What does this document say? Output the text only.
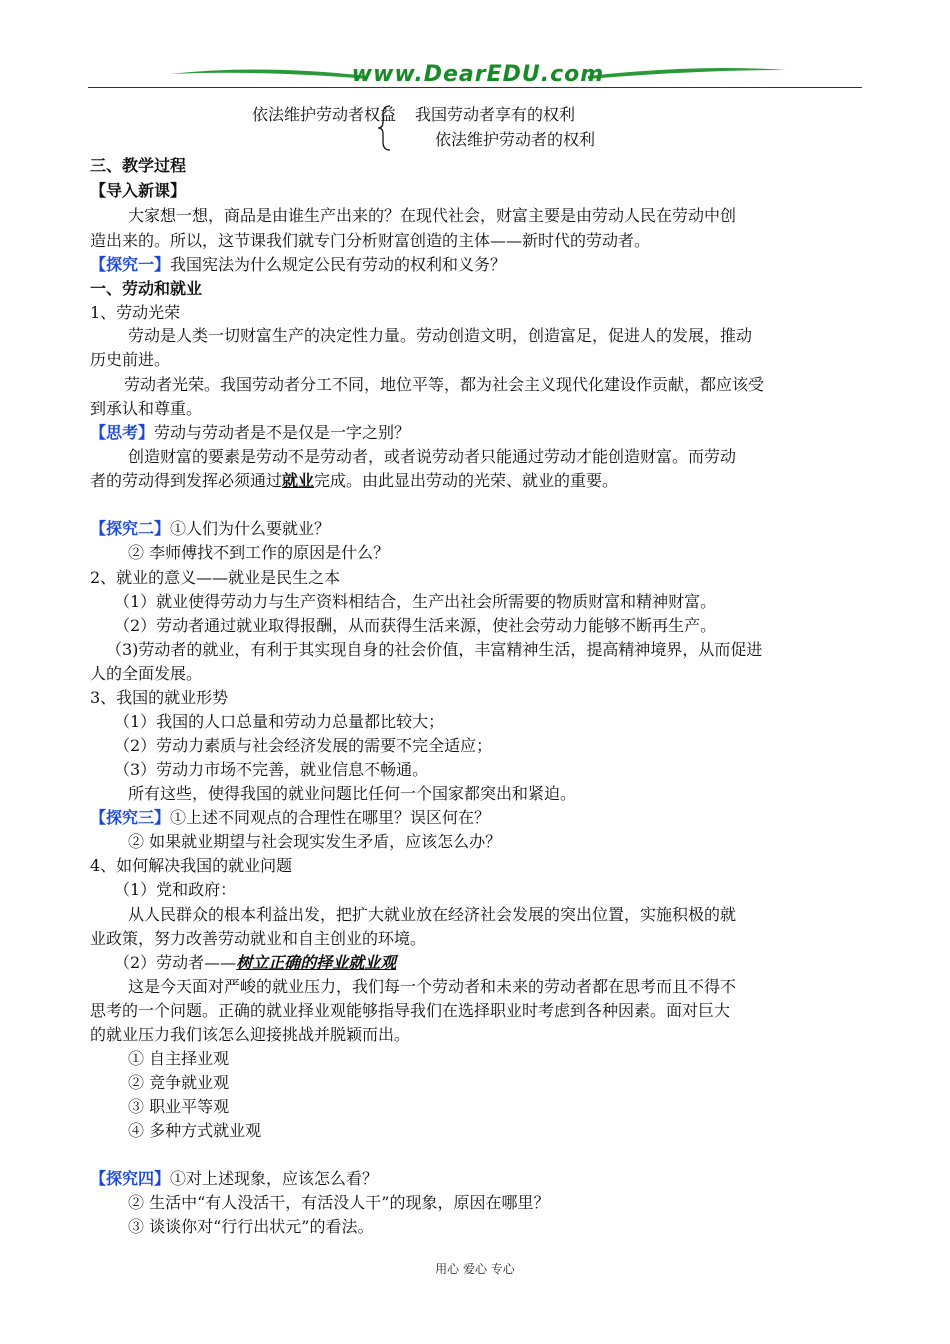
www.DearEDU.com
依法维护劳动者权益 我国劳动者享有的权利
依法维护劳动者的权利
三、教学过程
【导入新课】
大家想一想，商品是由谁生产出来的？在现代社会，财富主要是由劳动人民在劳动中创
造出来的。所以，这节课我们就专门分析财富创造的主体——新时代的劳动者。
【探究一】我国宪法为什么规定公民有劳动的权利和义务？
一、劳动和就业
1、劳动光荣
劳动是人类一切财富生产的决定性力量。劳动创造文明，创造富足，促进人的发展，推动
历史前进。
劳动者光荣。我国劳动者分工不同，地位平等，都为社会主义现代化建设作贡献，都应该受
到承认和尊重。
【思考】劳动与劳动者是不是仅是一字之别？
创造财富的要素是劳动不是劳动者，或者说劳动者只能通过劳动才能创造财富。而劳动
者的劳动得到发挥必须通过就业完成。由此显出劳动的光荣、就业的重要。
【探究二】①人们为什么要就业？
② 李师傅找不到工作的原因是什么？
2、就业的意义——就业是民生之本
（1）就业使得劳动力与生产资料相结合，生产出社会所需要的物质财富和精神财富。
（2）劳动者通过就业取得报酬，从而获得生活来源，使社会劳动力能够不断再生产。
（3)劳动者的就业，有利于其实现自身的社会价值，丰富精神生活，提高精神境界，从而促进
人的全面发展。
3、我国的就业形势
（1）我国的人口总量和劳动力总量都比较大；
（2）劳动力素质与社会经济发展的需要不完全适应；
（3）劳动力市场不完善，就业信息不畅通。
所有这些，使得我国的就业问题比任何一个国家都突出和紧迫。
【探究三】①上述不同观点的合理性在哪里？误区何在？
② 如果就业期望与社会现实发生矛盾，应该怎么办？
4、如何解决我国的就业问题
（1）党和政府：
从人民群众的根本利益出发，把扩大就业放在经济社会发展的突出位置，实施积极的就
业政策，努力改善劳动就业和自主创业的环境。
（2）劳动者——树立正确的择业就业观
这是今天面对严峻的就业压力，我们每一个劳动者和未来的劳动者都在思考而且不得不
思考的一个问题。正确的就业择业观能够指导我们在选择职业时考虑到各种因素。面对巨大
的就业压力我们该怎么迎接挑战并脱颖而出。
① 自主择业观
② 竞争就业观
③ 职业平等观
④ 多种方式就业观
【探究四】①对上述现象，应该怎么看？
② 生活中“有人没活干，有活没人干”的现象，原因在哪里？
③ 谈谈你对“行行出状元”的看法。
用心 爱心 专心
